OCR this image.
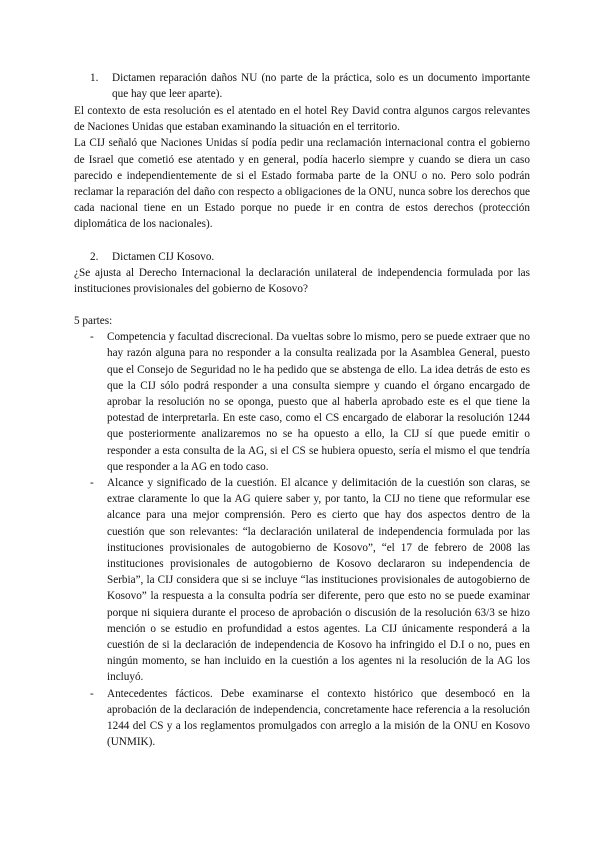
1. Dictamen reparación daños NU (no parte de la práctica, solo es un documento importante que hay que leer aparte).

El contexto de esta resolución es el atentado en el hotel Rey David contra algunos cargos relevantes de Naciones Unidas que estaban examinando la situación en el territorio.

La CIJ señaló que Naciones Unidas sí podía pedir una reclamación internacional contra el gobierno de Israel que cometió ese atentado y en general, podía hacerlo siempre y cuando se diera un caso parecido e independientemente de si el Estado formaba parte de la ONU o no. Pero solo podrán reclamar la reparación del daño con respecto a obligaciones de la ONU, nunca sobre los derechos que cada nacional tiene en un Estado porque no puede ir en contra de estos derechos (protección diplomática de los nacionales).

2. Dictamen CIJ Kosovo.

¿Se ajusta al Derecho Internacional la declaración unilateral de independencia formulada por las instituciones provisionales del gobierno de Kosovo?

5 partes:

- Competencia y facultad discrecional. Da vueltas sobre lo mismo, pero se puede extraer que no hay razón alguna para no responder a la consulta realizada por la Asamblea General, puesto que el Consejo de Seguridad no le ha pedido que se abstenga de ello. La idea detrás de esto es que la CIJ sólo podrá responder a una consulta siempre y cuando el órgano encargado de aprobar la resolución no se oponga, puesto que al haberla aprobado este es el que tiene la potestad de interpretarla. En este caso, como el CS encargado de elaborar la resolución 1244 que posteriormente analizaremos no se ha opuesto a ello, la CIJ sí que puede emitir o responder a esta consulta de la AG, si el CS se hubiera opuesto, sería el mismo el que tendría que responder a la AG en todo caso.

- Alcance y significado de la cuestión. El alcance y delimitación de la cuestión son claras, se extrae claramente lo que la AG quiere saber y, por tanto, la CIJ no tiene que reformular ese alcance para una mejor comprensión. Pero es cierto que hay dos aspectos dentro de la cuestión que son relevantes: “la declaración unilateral de independencia formulada por las instituciones provisionales de autogobierno de Kosovo”, “el 17 de febrero de 2008 las instituciones provisionales de autogobierno de Kosovo declararon su independencia de Serbia”, la CIJ considera que si se incluye “las instituciones provisionales de autogobierno de Kosovo” la respuesta a la consulta podría ser diferente, pero que esto no se puede examinar porque ni siquiera durante el proceso de aprobación o discusión de la resolución 63/3 se hizo mención o se estudio en profundidad a estos agentes. La CIJ únicamente responderá a la cuestión de si la declaración de independencia de Kosovo ha infringido el D.I o no, pues en ningún momento, se han incluido en la cuestión a los agentes ni la resolución de la AG los incluyó.

- Antecedentes fácticos. Debe examinarse el contexto histórico que desembocó en la aprobación de la declaración de independencia, concretamente hace referencia a la resolución 1244 del CS y a los reglamentos promulgados con arreglo a la misión de la ONU en Kosovo (UNMIK).
